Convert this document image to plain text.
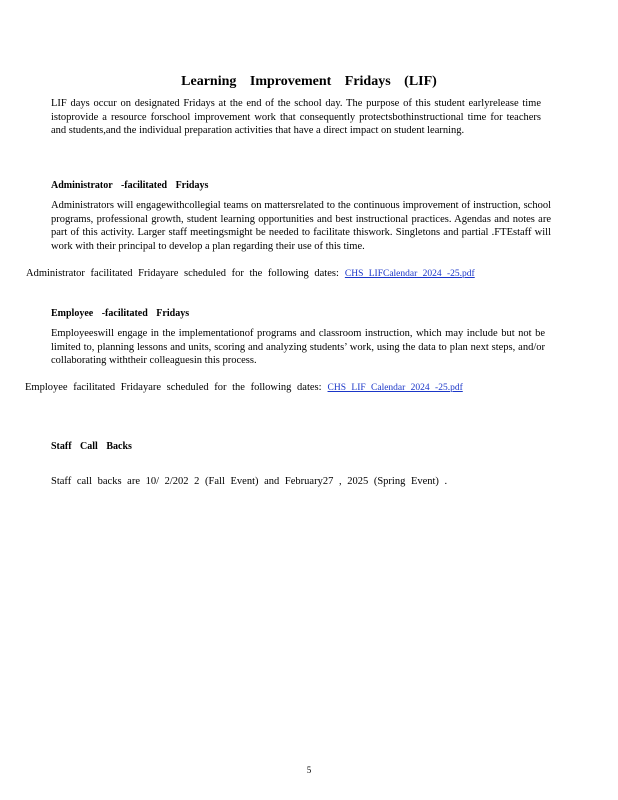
Learning Improvement Fridays (LIF)
LIF days occur on designated Fridays at the end of the school day. The purpose of this student earlyrelease time istoprovide a resource forschool improvement work that consequently protectsbothinstructional time for teachers and students,and the individual preparation activities that have a direct impact on student learning.
Administrator -facilitated Fridays
Administrators will engagewithcollegial teams on mattersrelated to the continuous improvement of instruction, school programs, professional growth, student learning opportunities and best instructional practices. Agendas and notes are part of this activity. Larger staff meetingsmight be needed to facilitate thiswork. Singletons and partial .FTEstaff will work with their principal to develop a plan regarding their use of this time.
Administrator facilitated Fridayare scheduled for the following dates: CHS LIFCalendar 2024 -25.pdf
Employee -facilitated Fridays
Employeeswill engage in the implementationof programs and classroom instruction, which may include but not be limited to, planning lessons and units, scoring and analyzing students’ work, using the data to plan next steps, and/or collaborating withtheir colleaguesin this process.
Employee facilitated Fridayare scheduled for the following dates: CHS LIF Calendar 2024 -25.pdf
Staff Call Backs
Staff call backs are 10/ 2/202 2 (Fall Event) and February27 , 2025 (Spring Event) .
5
